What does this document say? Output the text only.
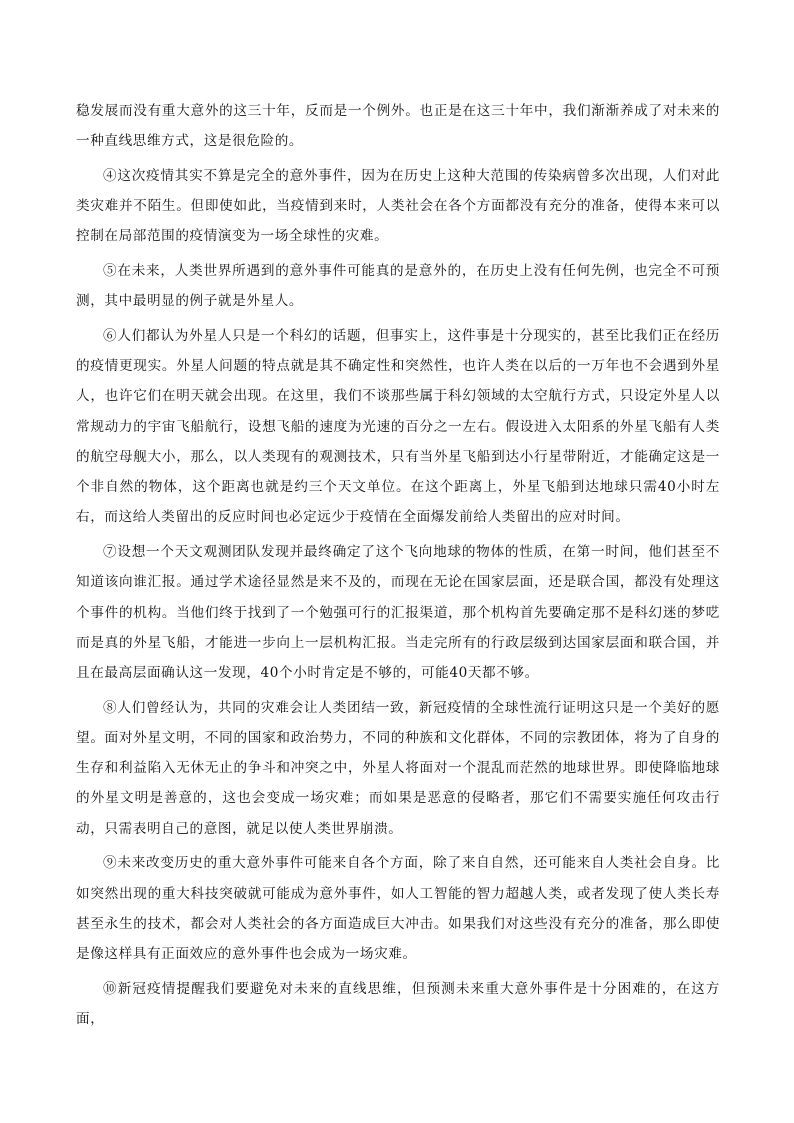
稳发展而没有重大意外的这三十年，反而是一个例外。也正是在这三十年中，我们渐渐养成了对未来的一种直线思维方式，这是很危险的。

④这次疫情其实不算是完全的意外事件，因为在历史上这种大范围的传染病曾多次出现，人们对此类灾难并不陌生。但即使如此，当疫情到来时，人类社会在各个方面都没有充分的准备，使得本来可以控制在局部范围的疫情演变为一场全球性的灾难。

⑤在未来，人类世界所遇到的意外事件可能真的是意外的，在历史上没有任何先例，也完全不可预测，其中最明显的例子就是外星人。

⑥人们都认为外星人只是一个科幻的话题，但事实上，这件事是十分现实的，甚至比我们正在经历的疫情更现实。外星人问题的特点就是其不确定性和突然性，也许人类在以后的一万年也不会遇到外星人，也许它们在明天就会出现。在这里，我们不谈那些属于科幻领域的太空航行方式，只设定外星人以常规动力的宇宙飞船航行，设想飞船的速度为光速的百分之一左右。假设进入太阳系的外星飞船有人类的航空母舰大小，那么，以人类现有的观测技术，只有当外星飞船到达小行星带附近，才能确定这是一个非自然的物体，这个距离也就是约三个天文单位。在这个距离上，外星飞船到达地球只需40小时左右，而这给人类留出的反应时间也必定远少于疫情在全面爆发前给人类留出的应对时间。

⑦设想一个天文观测团队发现并最终确定了这个飞向地球的物体的性质，在第一时间，他们甚至不知道该向谁汇报。通过学术途径显然是来不及的，而现在无论在国家层面，还是联合国，都没有处理这个事件的机构。当他们终于找到了一个勉强可行的汇报渠道，那个机构首先要确定那不是科幻迷的梦呓而是真的外星飞船，才能进一步向上一层机构汇报。当走完所有的行政层级到达国家层面和联合国，并且在最高层面确认这一发现，40个小时肯定是不够的，可能40天都不够。

⑧人们曾经认为，共同的灾难会让人类团结一致，新冠疫情的全球性流行证明这只是一个美好的愿望。面对外星文明，不同的国家和政治势力，不同的种族和文化群体，不同的宗教团体，将为了自身的生存和利益陷入无休无止的争斗和冲突之中，外星人将面对一个混乱而茫然的地球世界。即使降临地球的外星文明是善意的，这也会变成一场灾难；而如果是恶意的侵略者，那它们不需要实施任何攻击行动，只需表明自己的意图，就足以使人类世界崩溃。

⑨未来改变历史的重大意外事件可能来自各个方面，除了来自自然，还可能来自人类社会自身。比如突然出现的重大科技突破就可能成为意外事件，如人工智能的智力超越人类，或者发现了使人类长寿甚至永生的技术，都会对人类社会的各方面造成巨大冲击。如果我们对这些没有充分的准备，那么即使是像这样具有正面效应的意外事件也会成为一场灾难。

⑩新冠疫情提醒我们要避免对未来的直线思维，但预测未来重大意外事件是十分困难的，在这方面，
